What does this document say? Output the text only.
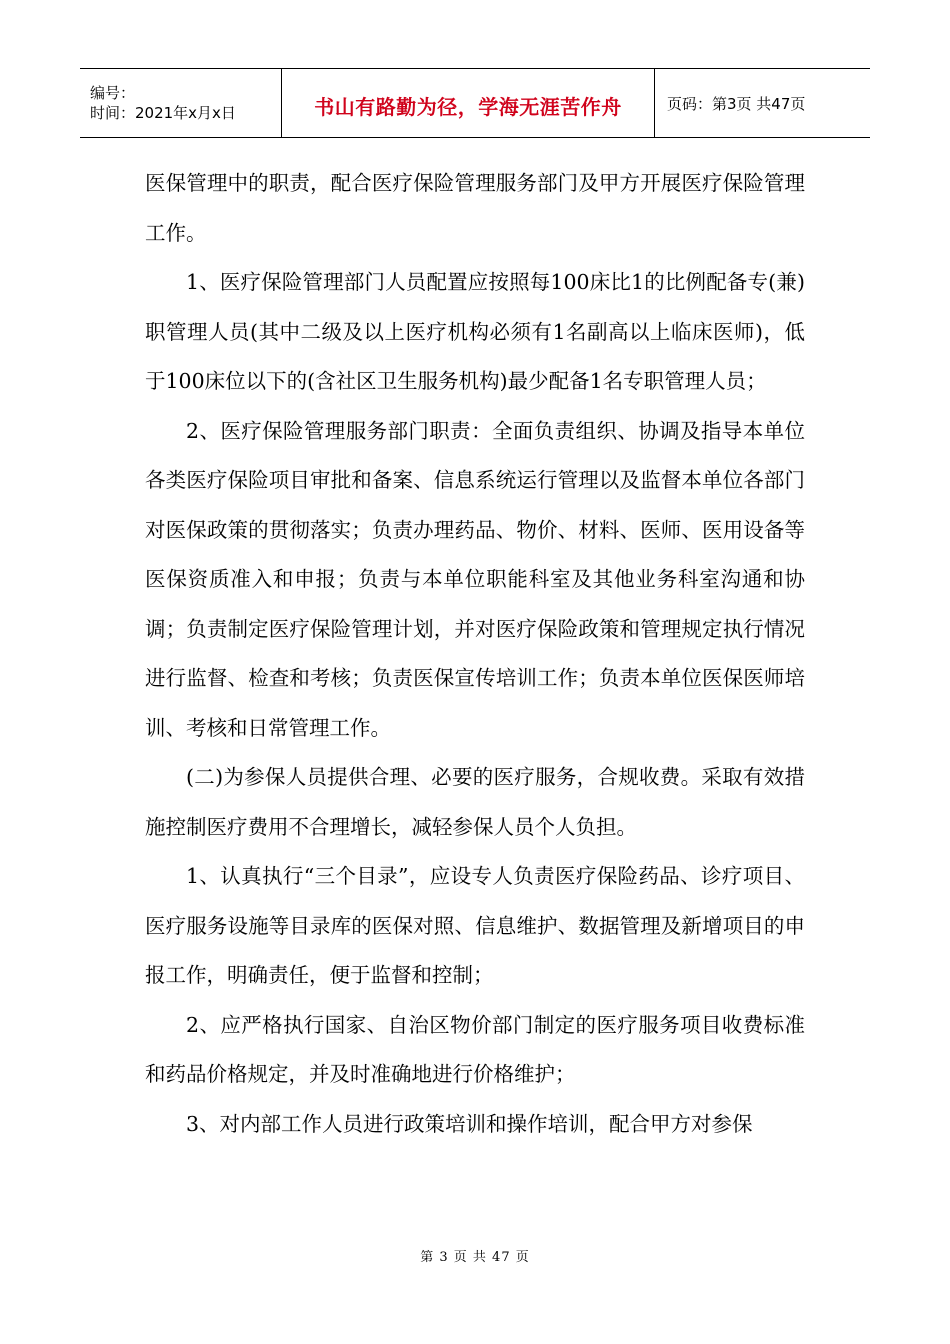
编号：
时间：2021年x月x日	书山有路勤为径，学海无涯苦作舟	页码：第3页 共47页

医保管理中的职责，配合医疗保险管理服务部门及甲方开展医疗保险管理工作。

1、医疗保险管理部门人员配置应按照每100床比1的比例配备专(兼)职管理人员(其中二级及以上医疗机构必须有1名副高以上临床医师)，低于100床位以下的(含社区卫生服务机构)最少配备1名专职管理人员；

2、医疗保险管理服务部门职责：全面负责组织、协调及指导本单位各类医疗保险项目审批和备案、信息系统运行管理以及监督本单位各部门对医保政策的贯彻落实；负责办理药品、物价、材料、医师、医用设备等医保资质准入和申报；负责与本单位职能科室及其他业务科室沟通和协调；负责制定医疗保险管理计划，并对医疗保险政策和管理规定执行情况进行监督、检查和考核；负责医保宣传培训工作；负责本单位医保医师培训、考核和日常管理工作。

(二)为参保人员提供合理、必要的医疗服务，合规收费。采取有效措施控制医疗费用不合理增长，减轻参保人员个人负担。

1、认真执行“三个目录”，应设专人负责医疗保险药品、诊疗项目、医疗服务设施等目录库的医保对照、信息维护、数据管理及新增项目的申报工作，明确责任，便于监督和控制；

2、应严格执行国家、自治区物价部门制定的医疗服务项目收费标准和药品价格规定，并及时准确地进行价格维护；

3、对内部工作人员进行政策培训和操作培训，配合甲方对参保

第 3 页 共 47 页
